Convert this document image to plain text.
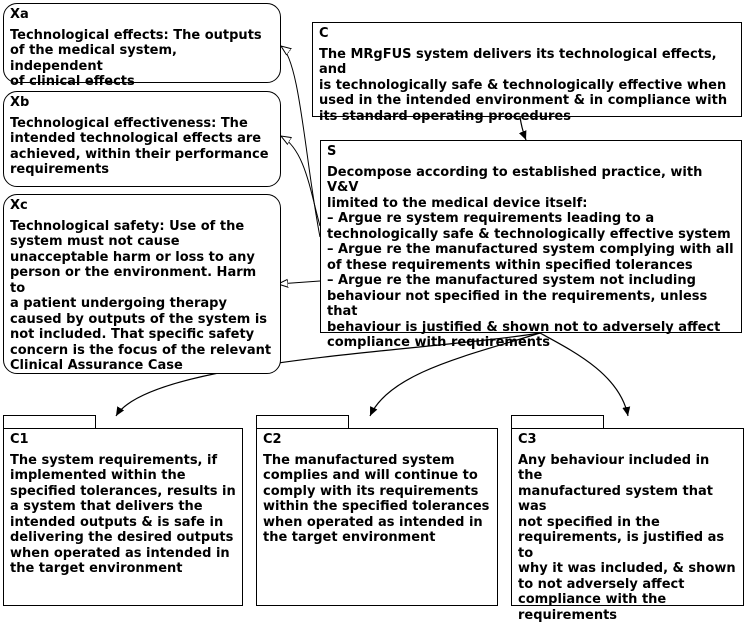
Xa
Technological effects: The outputs
of the medical system, independent
of clinical effects
Xb
Technological effectiveness: The
intended technological effects are
achieved, within their performance
requirements
Xc
Technological safety: Use of the
system must not cause
unacceptable harm or loss to any
person or the environment. Harm to
a patient undergoing therapy
caused by outputs of the system is
not included. That specific safety
concern is the focus of the relevant
Clinical Assurance Case
C
The MRgFUS system delivers its technological effects, and
is technologically safe & technologically effective when
used in the intended environment & in compliance with
its standard operating procedures
S
Decompose according to established practice, with V&V
limited to the medical device itself:
– Argue re system requirements leading to a
technologically safe & technologically effective system
– Argue re the manufactured system complying with all
of these requirements within specified tolerances
– Argue re the manufactured system not including
behaviour not specified in the requirements, unless that
behaviour is justified & shown not to adversely affect
compliance with requirements
C1
The system requirements, if
implemented within the
specified tolerances, results in
a system that delivers the
intended outputs & is safe in
delivering the desired outputs
when operated as intended in
the target environment
C2
The manufactured system
complies and will continue to
comply with its requirements
within the specified tolerances
when operated as intended in
the target environment
C3
Any behaviour included in the
manufactured system that was
not specified in the
requirements, is justified as to
why it was included, & shown
to not adversely affect
compliance with the
requirements
